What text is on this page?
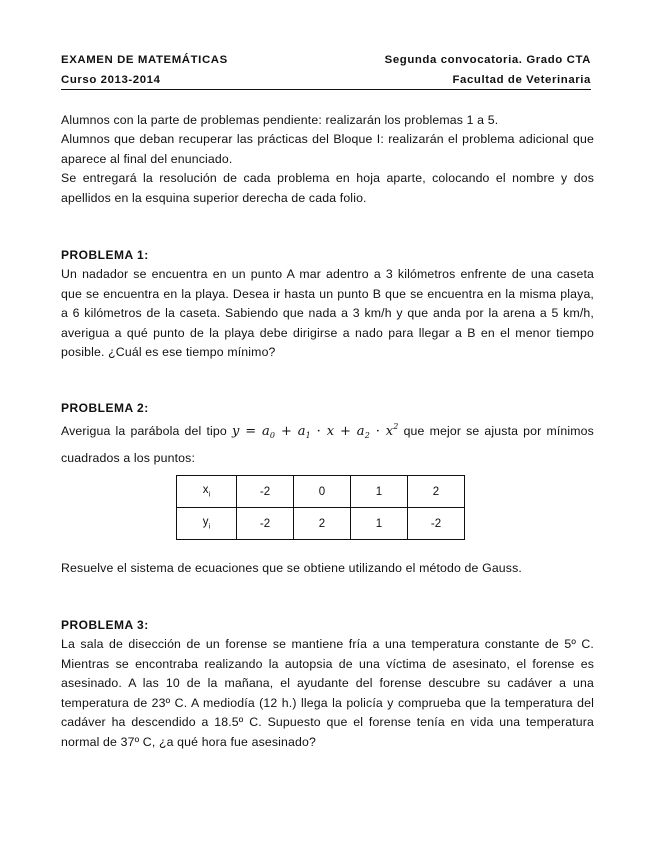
EXAMEN DE MATEMÁTICAS	Segunda convocatoria. Grado CTA
Curso 2013-2014	Facultad de Veterinaria
Alumnos con la parte de problemas pendiente: realizarán los problemas 1 a 5.
Alumnos que deban recuperar las prácticas del Bloque I: realizarán el problema adicional que aparece al final del enunciado.
Se entregará la resolución de cada problema en hoja aparte, colocando el nombre y dos apellidos en la esquina superior derecha de cada folio.
PROBLEMA 1:
Un nadador se encuentra en un punto A mar adentro a 3 kilómetros enfrente de una caseta que se encuentra en la playa. Desea ir hasta un punto B que se encuentra en la misma playa, a 6 kilómetros de la caseta. Sabiendo que nada a 3 km/h y que anda por la arena a 5 km/h, averigua a qué punto de la playa debe dirigirse a nado para llegar a B en el menor tiempo posible. ¿Cuál es ese tiempo mínimo?
PROBLEMA 2:
Averigua la parábola del tipo $y = a_0 + a_1 \cdot x + a_2 \cdot x^2$ que mejor se ajusta por mínimos cuadrados a los puntos:
$x_i$	-2	0	1	2
$y_i$	-2	2	1	-2
Resuelve el sistema de ecuaciones que se obtiene utilizando el método de Gauss.
PROBLEMA 3:
La sala de disección de un forense se mantiene fría a una temperatura constante de 5º C. Mientras se encontraba realizando la autopsia de una víctima de asesinato, el forense es asesinado. A las 10 de la mañana, el ayudante del forense descubre su cadáver a una temperatura de 23º C. A mediodía (12 h.) llega la policía y comprueba que la temperatura del cadáver ha descendido a 18.5º C. Supuesto que el forense tenía en vida una temperatura normal de 37º C, ¿a qué hora fue asesinado?
